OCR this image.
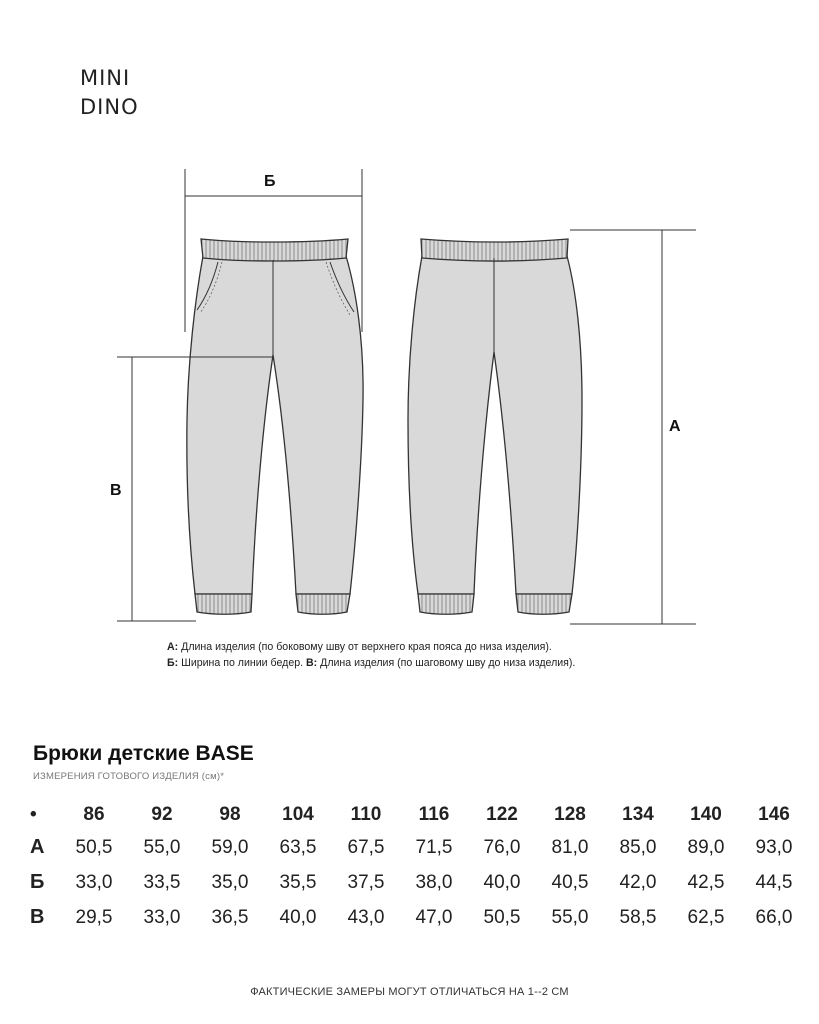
MINI
DINO
Б
А
В
А: Длина изделия (по боковому шву от верхнего края пояса до низа изделия).
Б: Ширина по линии бедер. В: Длина изделия (по шаговому шву до низа изделия).
Брюки детские BASE
ИЗМЕРЕНИЯ ГОТОВОГО ИЗДЕЛИЯ (см)*
•	86	92	98	104	110	116	122	128	134	140	146
А	50,5	55,0	59,0	63,5	67,5	71,5	76,0	81,0	85,0	89,0	93,0
Б	33,0	33,5	35,0	35,5	37,5	38,0	40,0	40,5	42,0	42,5	44,5
В	29,5	33,0	36,5	40,0	43,0	47,0	50,5	55,0	58,5	62,5	66,0
ФАКТИЧЕСКИЕ ЗАМЕРЫ МОГУТ ОТЛИЧАТЬСЯ НА 1--2 СМ
